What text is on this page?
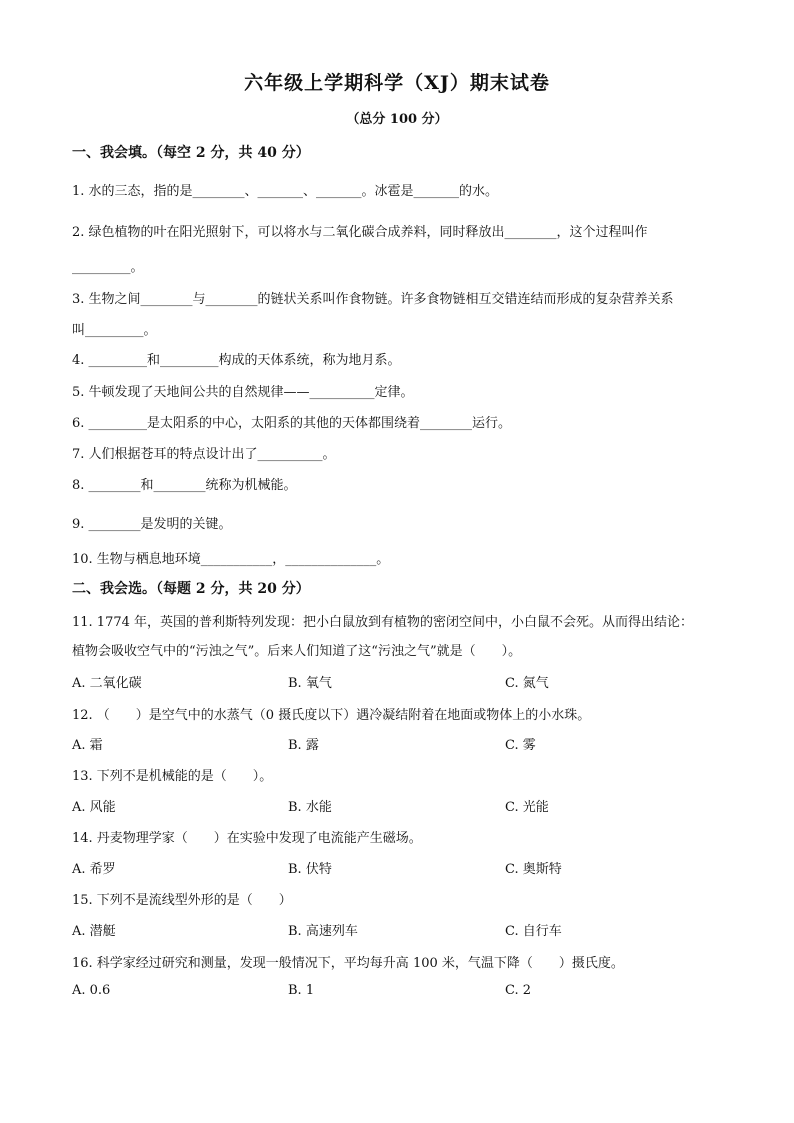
六年级上学期科学（XJ）期末试卷
（总分 100 分）
一、我会填。（每空 2 分，共 40 分）
1. 水的三态，指的是________、_______、_______。冰雹是_______的水。
2. 绿色植物的叶在阳光照射下，可以将水与二氧化碳合成养料，同时释放出________，这个过程叫作
_________。
3. 生物之间________与________的链状关系叫作食物链。许多食物链相互交错连结而形成的复杂营养关系
叫_________。
4. _________和_________构成的天体系统，称为地月系。
5. 牛顿发现了天地间公共的自然规律——__________定律。
6. _________是太阳系的中心，太阳系的其他的天体都围绕着________运行。
7. 人们根据苍耳的特点设计出了__________。
8. ________和________统称为机械能。
9. ________是发明的关键。
10. 生物与栖息地环境___________，______________。
二、我会选。（每题 2 分，共 20 分）
11. 1774 年，英国的普利斯特列发现：把小白鼠放到有植物的密闭空间中，小白鼠不会死。从而得出结论：
植物会吸收空气中的“污浊之气”。后来人们知道了这“污浊之气”就是（　　）。
A. 二氧化碳	B. 氧气	C. 氮气
12. （　　）是空气中的水蒸气（0 摄氏度以下）遇冷凝结附着在地面或物体上的小水珠。
A. 霜	B. 露	C. 雾
13. 下列不是机械能的是（　　）。
A. 风能	B. 水能	C. 光能
14. 丹麦物理学家（　　）在实验中发现了电流能产生磁场。
A. 希罗	B. 伏特	C. 奥斯特
15. 下列不是流线型外形的是（　　）
A. 潜艇	B. 高速列车	C. 自行车
16. 科学家经过研究和测量，发现一般情况下，平均每升高 100 米，气温下降（　　）摄氏度。
A. 0.6	B. 1	C. 2
